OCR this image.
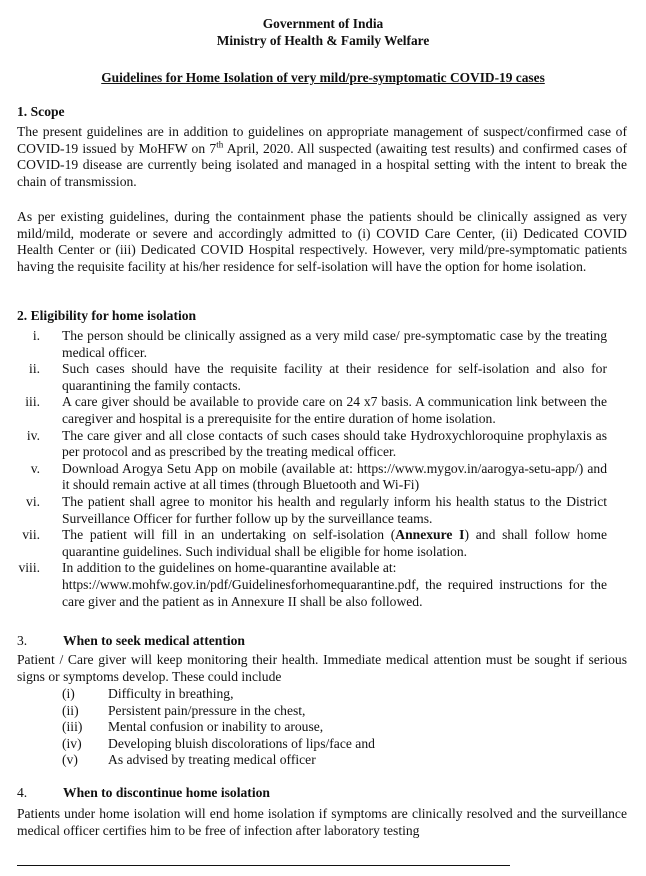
Government of India
Ministry of Health & Family Welfare
Guidelines for Home Isolation of very mild/pre-symptomatic COVID-19 cases
1. Scope
The present guidelines are in addition to guidelines on appropriate management of suspect/confirmed case of COVID-19 issued by MoHFW on 7th April, 2020. All suspected (awaiting test results) and confirmed cases of COVID-19 disease are currently being isolated and managed in a hospital setting with the intent to break the chain of transmission.
As per existing guidelines, during the containment phase the patients should be clinically assigned as very mild/mild, moderate or severe and accordingly admitted to (i) COVID Care Center, (ii) Dedicated COVID Health Center or (iii) Dedicated COVID Hospital respectively. However, very mild/pre-symptomatic patients having the requisite facility at his/her residence for self-isolation will have the option for home isolation.
2. Eligibility for home isolation
i. The person should be clinically assigned as a very mild case/ pre-symptomatic case by the treating medical officer.
ii. Such cases should have the requisite facility at their residence for self-isolation and also for quarantining the family contacts.
iii. A care giver should be available to provide care on 24 x7 basis. A communication link between the caregiver and hospital is a prerequisite for the entire duration of home isolation.
iv. The care giver and all close contacts of such cases should take Hydroxychloroquine prophylaxis as per protocol and as prescribed by the treating medical officer.
v. Download Arogya Setu App on mobile (available at: https://www.mygov.in/aarogya-setu-app/) and it should remain active at all times (through Bluetooth and Wi-Fi)
vi. The patient shall agree to monitor his health and regularly inform his health status to the District Surveillance Officer for further follow up by the surveillance teams.
vii. The patient will fill in an undertaking on self-isolation (Annexure I) and shall follow home quarantine guidelines. Such individual shall be eligible for home isolation.
viii. In addition to the guidelines on home-quarantine available at:
https://www.mohfw.gov.in/pdf/Guidelinesforhomequarantine.pdf, the required instructions for the care giver and the patient as in Annexure II shall be also followed.
3.	When to seek medical attention
Patient / Care giver will keep monitoring their health. Immediate medical attention must be sought if serious signs or symptoms develop. These could include
(i) Difficulty in breathing,
(ii) Persistent pain/pressure in the chest,
(iii) Mental confusion or inability to arouse,
(iv) Developing bluish discolorations of lips/face and
(v) As advised by treating medical officer
4.	When to discontinue home isolation
Patients under home isolation will end home isolation if symptoms are clinically resolved and the surveillance medical officer certifies him to be free of infection after laboratory testing
